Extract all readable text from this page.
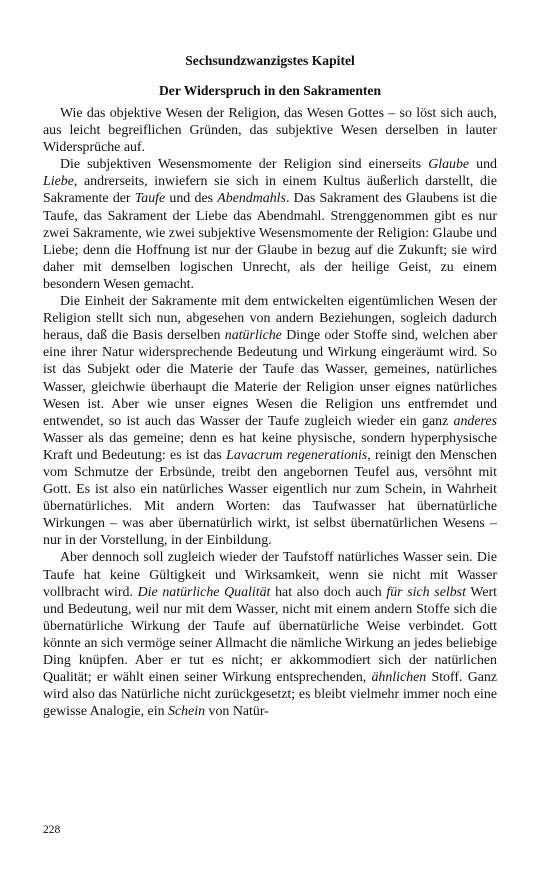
Sechsundzwanzigstes Kapitel
Der Widerspruch in den Sakramenten

Wie das objektive Wesen der Religion, das Wesen Gottes – so löst sich auch, aus leicht begreiflichen Gründen, das subjektive Wesen derselben in lauter Widersprüche auf.

Die subjektiven Wesensmomente der Religion sind einerseits Glaube und Liebe, andrerseits, inwiefern sie sich in einem Kultus äußerlich darstellt, die Sakramente der Taufe und des Abendmahls. Das Sakrament des Glaubens ist die Taufe, das Sakrament der Liebe das Abendmahl. Strenggenommen gibt es nur zwei Sakramente, wie zwei subjektive Wesensmomente der Religion: Glaube und Liebe; denn die Hoffnung ist nur der Glaube in bezug auf die Zukunft; sie wird daher mit demselben logischen Unrecht, als der heilige Geist, zu einem besondern Wesen gemacht.

Die Einheit der Sakramente mit dem entwickelten eigentümlichen Wesen der Religion stellt sich nun, abgesehen von andern Beziehungen, sogleich dadurch heraus, daß die Basis derselben natürliche Dinge oder Stoffe sind, welchen aber eine ihrer Natur widersprechende Bedeutung und Wirkung eingeräumt wird. So ist das Subjekt oder die Materie der Taufe das Wasser, gemeines, natürliches Wasser, gleichwie überhaupt die Materie der Religion unser eignes natürliches Wesen ist. Aber wie unser eignes Wesen die Religion uns entfremdet und entwendet, so ist auch das Wasser der Taufe zugleich wieder ein ganz anderes Wasser als das gemeine; denn es hat keine physische, sondern hyperphysische Kraft und Bedeutung: es ist das Lavacrum regenerationis, reinigt den Menschen vom Schmutze der Erbsünde, treibt den angebornen Teufel aus, versöhnt mit Gott. Es ist also ein natürliches Wasser eigentlich nur zum Schein, in Wahrheit übernatürliches. Mit andern Worten: das Taufwasser hat übernatürliche Wirkungen – was aber übernatürlich wirkt, ist selbst übernatürlichen Wesens – nur in der Vorstellung, in der Einbildung.

Aber dennoch soll zugleich wieder der Taufstoff natürliches Wasser sein. Die Taufe hat keine Gültigkeit und Wirksamkeit, wenn sie nicht mit Wasser vollbracht wird. Die natürliche Qualität hat also doch auch für sich selbst Wert und Bedeutung, weil nur mit dem Wasser, nicht mit einem andern Stoffe sich die übernatürliche Wirkung der Taufe auf übernatürliche Weise verbindet. Gott könnte an sich vermöge seiner Allmacht die nämliche Wirkung an jedes beliebige Ding knüpfen. Aber er tut es nicht; er akkommodiert sich der natürlichen Qualität; er wählt einen seiner Wirkung entsprechenden, ähnlichen Stoff. Ganz wird also das Natürliche nicht zurückgesetzt; es bleibt vielmehr immer noch eine gewisse Analogie, ein Schein von Natür-

228
